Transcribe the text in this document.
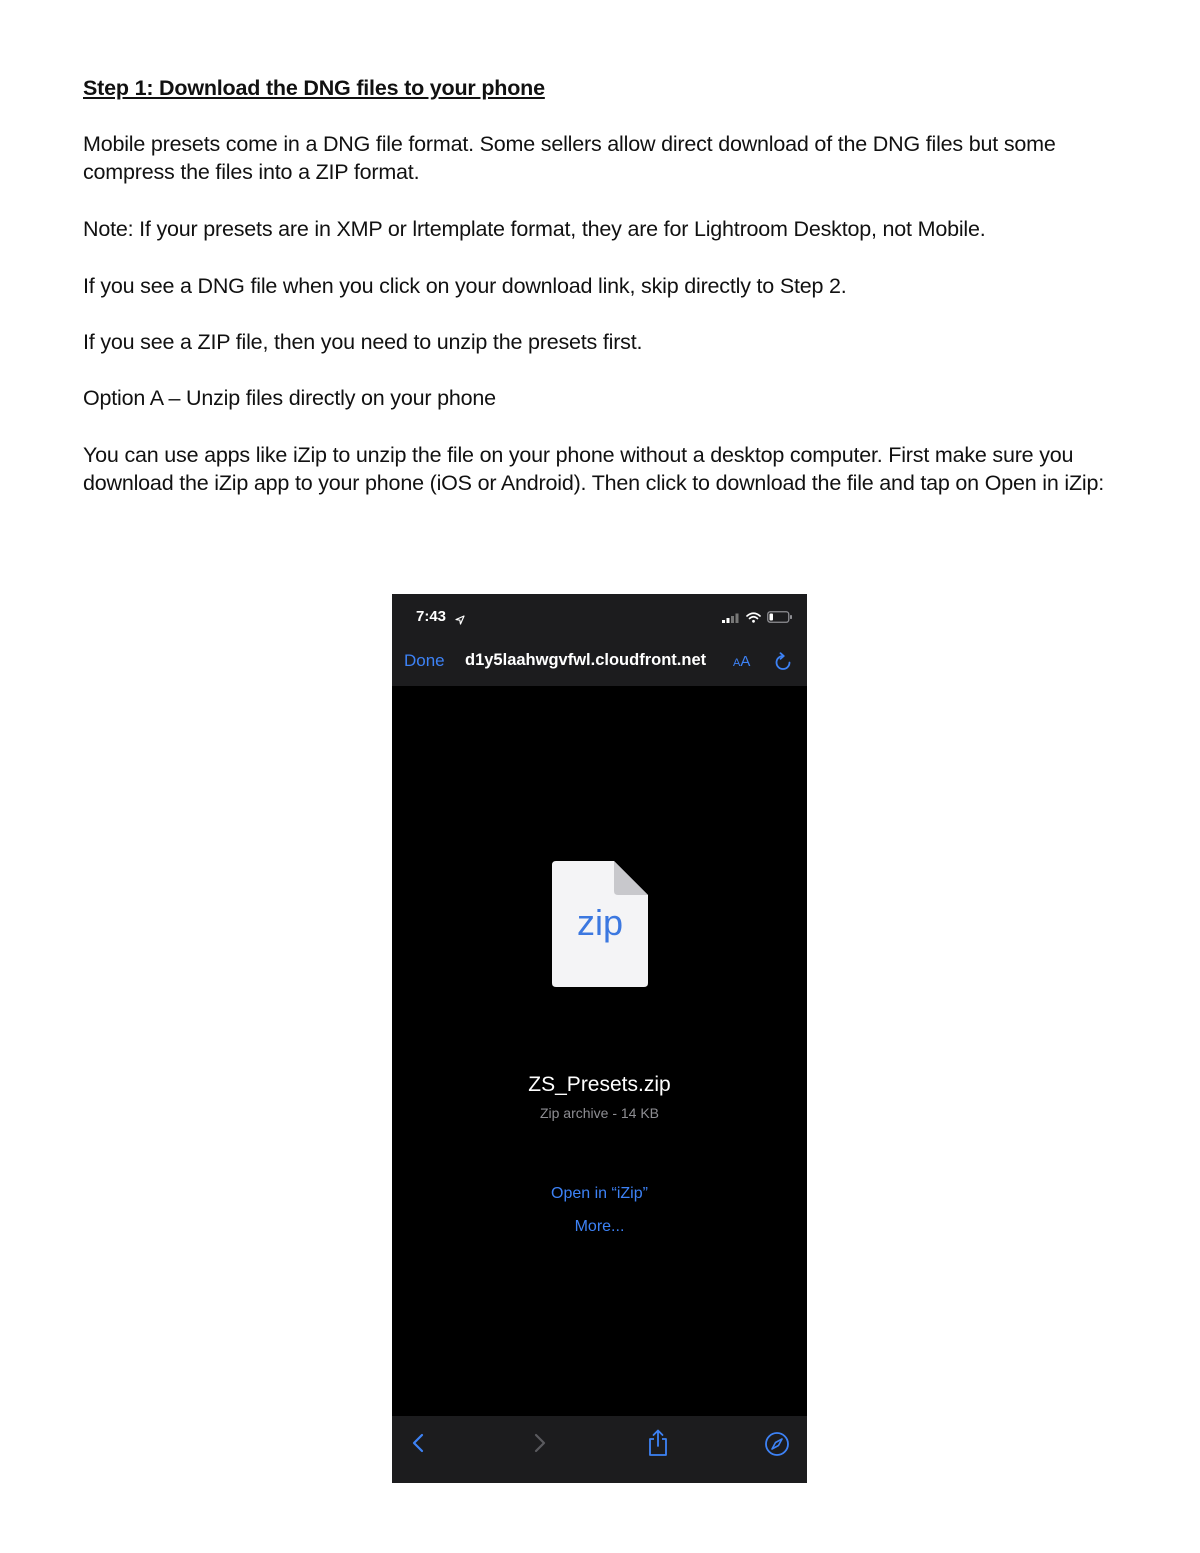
Step 1: Download the DNG files to your phone

Mobile presets come in a DNG file format. Some sellers allow direct download of the DNG files but some compress the files into a ZIP format.

Note: If your presets are in XMP or lrtemplate format, they are for Lightroom Desktop, not Mobile.

If you see a DNG file when you click on your download link, skip directly to Step 2.

If you see a ZIP file, then you need to unzip the presets first.

Option A – Unzip files directly on your phone

You can use apps like iZip to unzip the file on your phone without a desktop computer. First make sure you download the iZip app to your phone (iOS or Android). Then click to download the file and tap on Open in iZip:

7:43
Done d1y5laahwgvfwl.cloudfront.net AA
zip
ZS_Presets.zip
Zip archive - 14 KB
Open in “iZip”
More...
